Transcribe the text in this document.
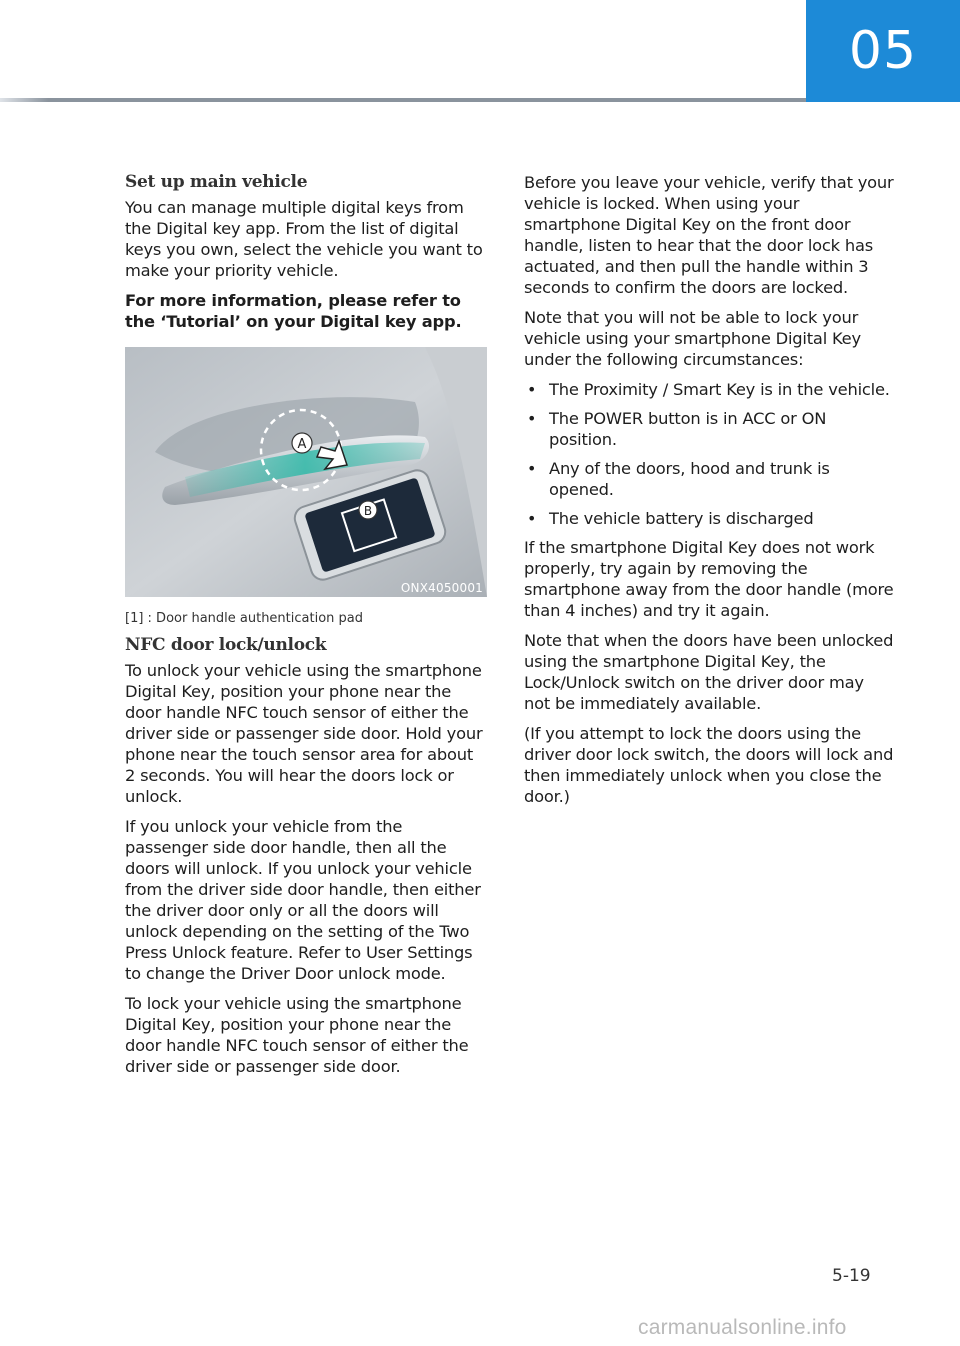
05
Set up main vehicle

You can manage multiple digital keys from the Digital key app. From the list of digital keys you own, select the vehicle you want to make your priority vehicle.

For more information, please refer to the ‘Tutorial’ on your Digital key app.

A
B
ONX4050001
[1] : Door handle authentication pad
NFC door lock/unlock

To unlock your vehicle using the smartphone Digital Key, position your phone near the door handle NFC touch sensor of either the driver side or passenger side door. Hold your phone near the touch sensor area for about 2 seconds. You will hear the doors lock or unlock.

If you unlock your vehicle from the passenger side door handle, then all the doors will unlock. If you unlock your vehicle from the driver side door handle, then either the driver door only or all the doors will unlock depending on the setting of the Two Press Unlock feature. Refer to User Settings to change the Driver Door unlock mode.

To lock your vehicle using the smartphone Digital Key, position your phone near the door handle NFC touch sensor of either the driver side or passenger side door.

Before you leave your vehicle, verify that your vehicle is locked. When using your smartphone Digital Key on the front door handle, listen to hear that the door lock has actuated, and then pull the handle within 3 seconds to confirm the doors are locked.

Note that you will not be able to lock your vehicle using your smartphone Digital Key under the following circumstances:

• The Proximity / Smart Key is in the vehicle.
• The POWER button is in ACC or ON position.
• Any of the doors, hood and trunk is opened.
• The vehicle battery is discharged

If the smartphone Digital Key does not work properly, try again by removing the smartphone away from the door handle (more than 4 inches) and try it again.

Note that when the doors have been unlocked using the smartphone Digital Key, the Lock/Unlock switch on the driver door may not be immediately available.

(If you attempt to lock the doors using the driver door lock switch, the doors will lock and then immediately unlock when you close the door.)

5-19
carmanualsonline.info
